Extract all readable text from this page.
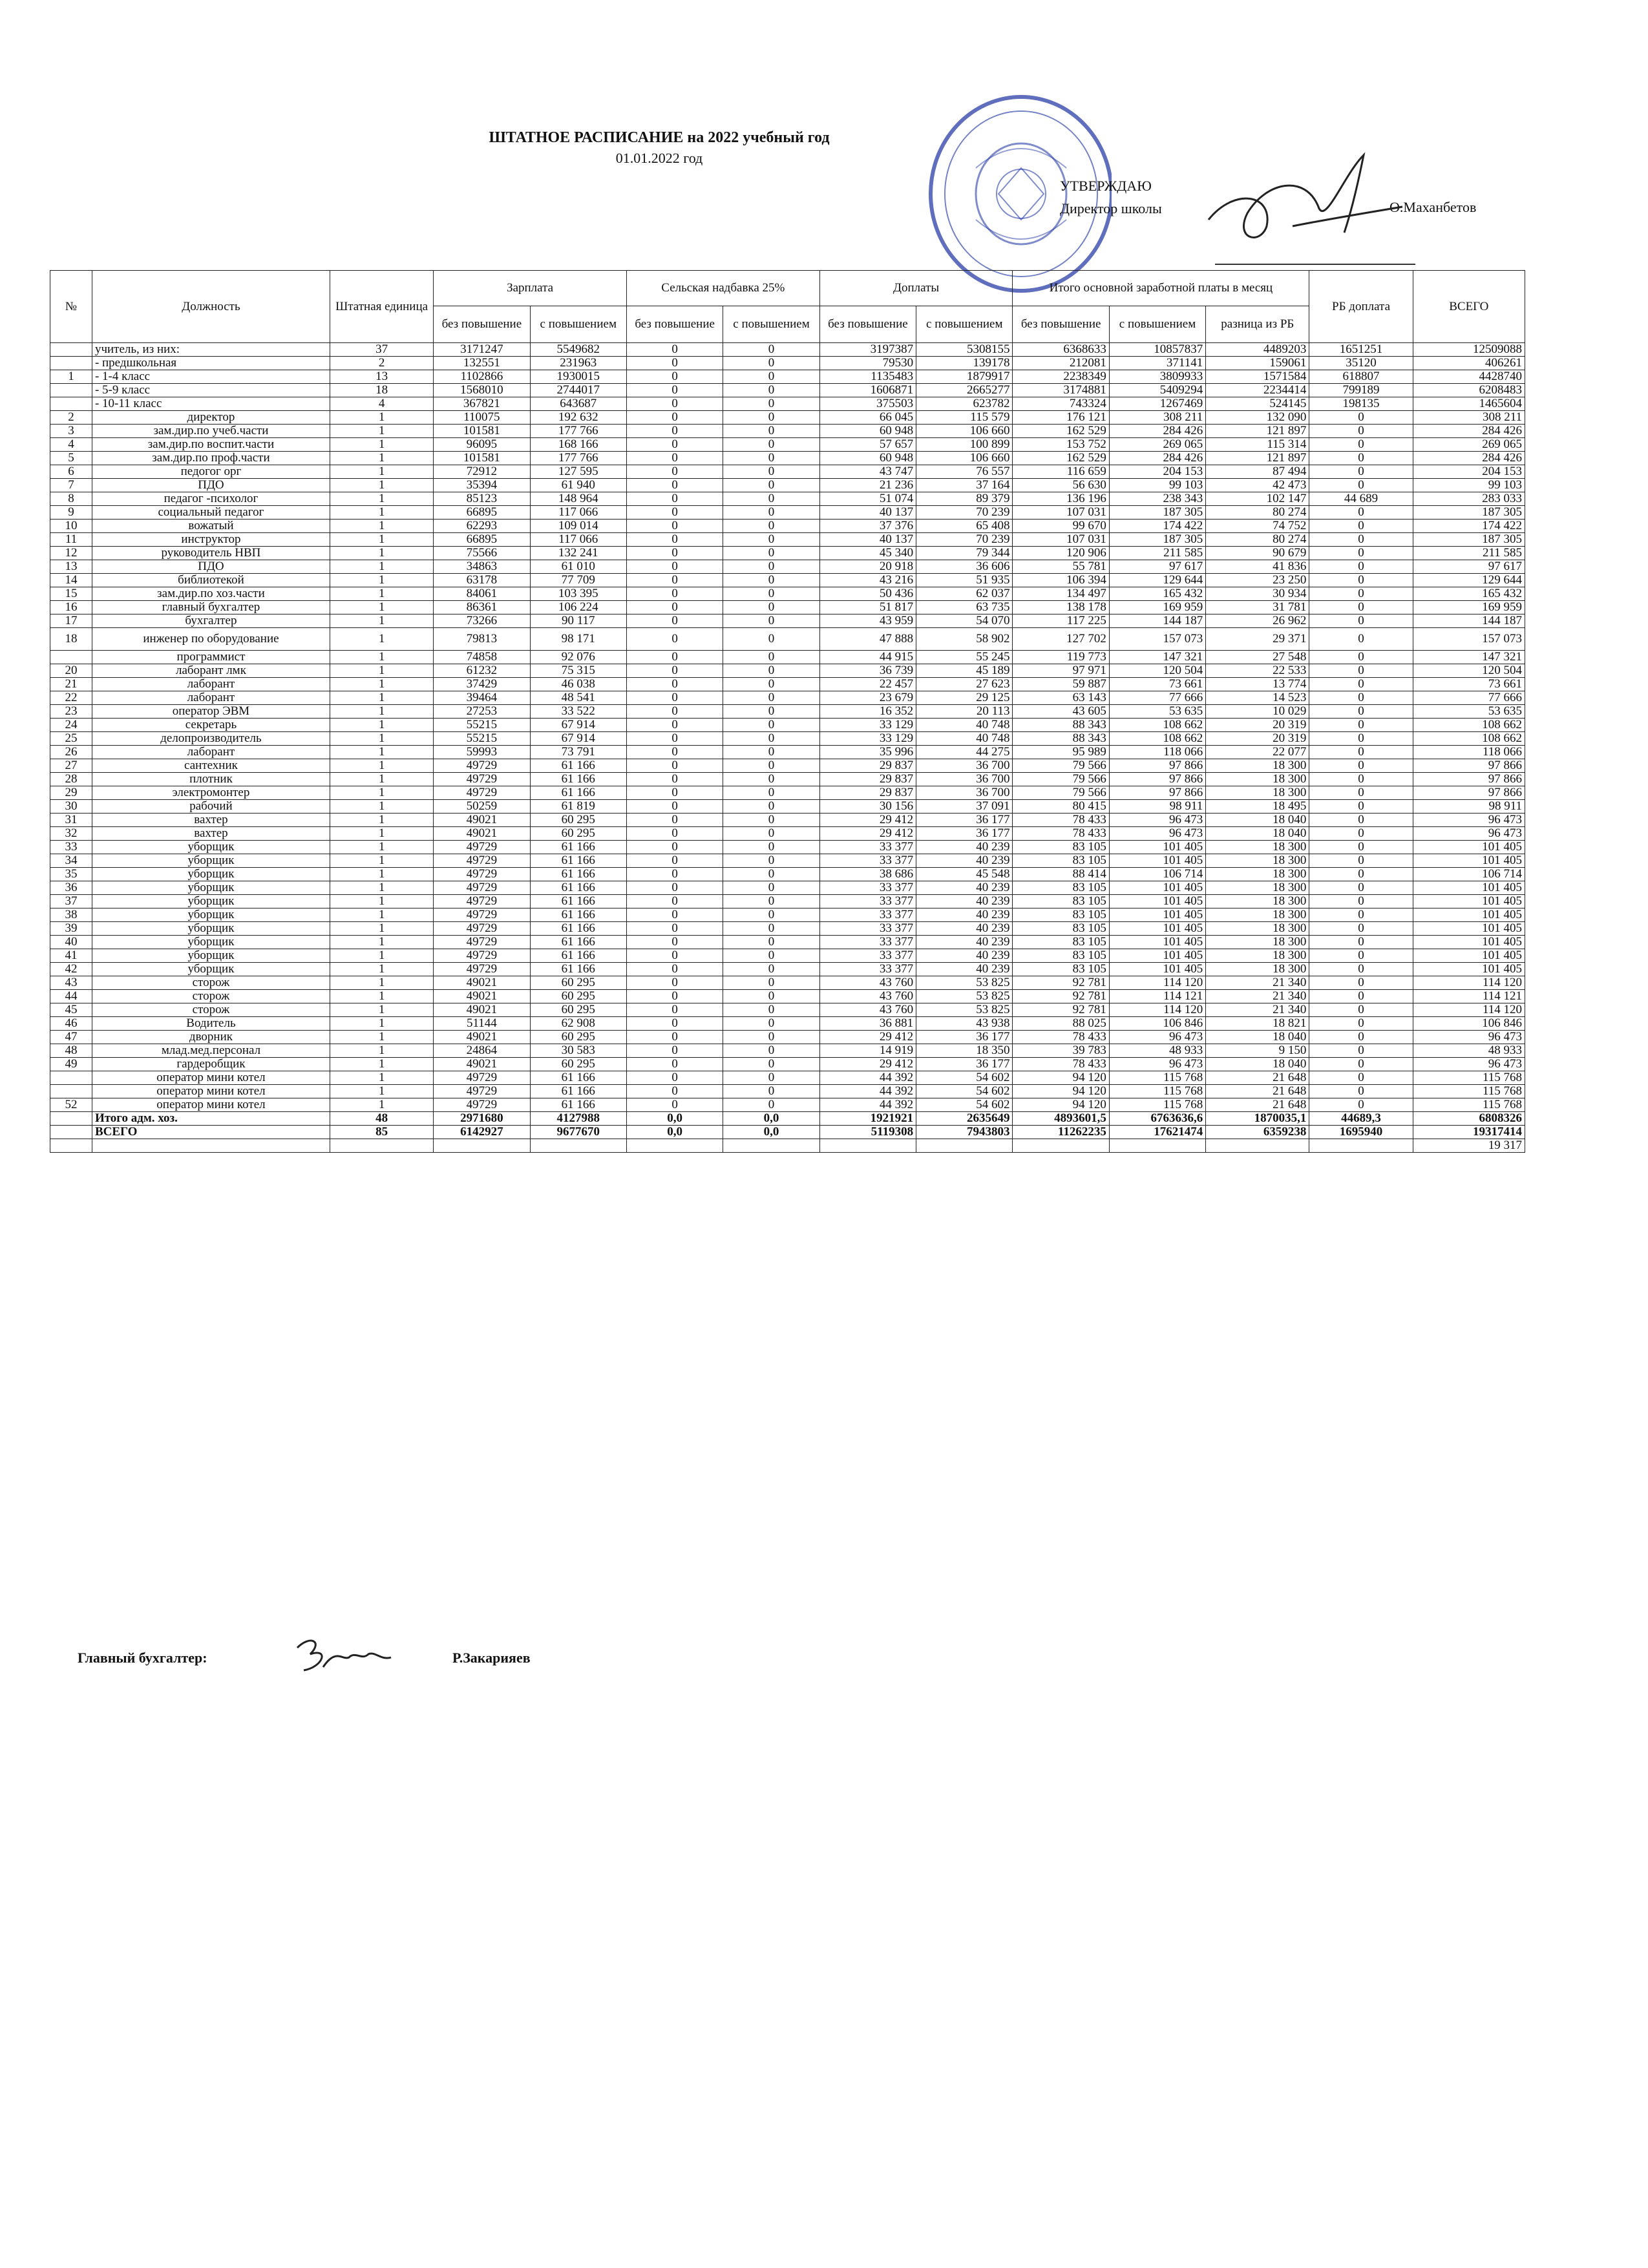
ШТАТНОЕ РАСПИСАНИЕ на 2022 учебный год
01.01.2022 год
УТВЕРЖДАЮ
Директор школы	О.Маханбетов
№	Должность	Штатная единица	Зарплата		Сельская надбавка 25%		Доплаты		Итого основной заработной платы в месяц			РБ доплата	ВСЕГО
			без повышение	с повышением	без повышение	с повышением	без повышение	с повышением	без повышение	с повышением	разница из РБ		
	учитель, из них:	37	3171247	5549682	0	0	3197387	5308155	6368633	10857837	4489203	1651251	12509088
	- предшкольная	2	132551	231963	0	0	79530	139178	212081	371141	159061	35120	406261
1	- 1-4 класс	13	1102866	1930015	0	0	1135483	1879917	2238349	3809933	1571584	618807	4428740
	- 5-9 класс	18	1568010	2744017	0	0	1606871	2665277	3174881	5409294	2234414	799189	6208483
	- 10-11 класс	4	367821	643687	0	0	375503	623782	743324	1267469	524145	198135	1465604
2	директор	1	110075	192 632	0	0	66 045	115 579	176 121	308 211	132 090	0	308 211
3	зам.дир.по учеб.части	1	101581	177 766	0	0	60 948	106 660	162 529	284 426	121 897	0	284 426
4	зам.дир.по воспит.части	1	96095	168 166	0	0	57 657	100 899	153 752	269 065	115 314	0	269 065
5	зам.дир.по проф.части	1	101581	177 766	0	0	60 948	106 660	162 529	284 426	121 897	0	284 426
6	педогог орг	1	72912	127 595	0	0	43 747	76 557	116 659	204 153	87 494	0	204 153
7	ПДО	1	35394	61 940	0	0	21 236	37 164	56 630	99 103	42 473	0	99 103
8	педагог -психолог	1	85123	148 964	0	0	51 074	89 379	136 196	238 343	102 147	44 689	283 033
9	социальный педагог	1	66895	117 066	0	0	40 137	70 239	107 031	187 305	80 274	0	187 305
10	вожатый	1	62293	109 014	0	0	37 376	65 408	99 670	174 422	74 752	0	174 422
11	инструктор	1	66895	117 066	0	0	40 137	70 239	107 031	187 305	80 274	0	187 305
12	руководитель НВП	1	75566	132 241	0	0	45 340	79 344	120 906	211 585	90 679	0	211 585
13	ПДО	1	34863	61 010	0	0	20 918	36 606	55 781	97 617	41 836	0	97 617
14	библиотекой	1	63178	77 709	0	0	43 216	51 935	106 394	129 644	23 250	0	129 644
15	зам.дир.по хоз.части	1	84061	103 395	0	0	50 436	62 037	134 497	165 432	30 934	0	165 432
16	главный бухгалтер	1	86361	106 224	0	0	51 817	63 735	138 178	169 959	31 781	0	169 959
17	бухгалтер	1	73266	90 117	0	0	43 959	54 070	117 225	144 187	26 962	0	144 187
18	инженер по оборудование	1	79813	98 171	0	0	47 888	58 902	127 702	157 073	29 371	0	157 073
	программист	1	74858	92 076	0	0	44 915	55 245	119 773	147 321	27 548	0	147 321
20	лаборант лмк	1	61232	75 315	0	0	36 739	45 189	97 971	120 504	22 533	0	120 504
21	лаборант	1	37429	46 038	0	0	22 457	27 623	59 887	73 661	13 774	0	73 661
22	лаборант	1	39464	48 541	0	0	23 679	29 125	63 143	77 666	14 523	0	77 666
23	оператор ЭВМ	1	27253	33 522	0	0	16 352	20 113	43 605	53 635	10 029	0	53 635
24	секретарь	1	55215	67 914	0	0	33 129	40 748	88 343	108 662	20 319	0	108 662
25	делопроизводитель	1	55215	67 914	0	0	33 129	40 748	88 343	108 662	20 319	0	108 662
26	лаборант	1	59993	73 791	0	0	35 996	44 275	95 989	118 066	22 077	0	118 066
27	сантехник	1	49729	61 166	0	0	29 837	36 700	79 566	97 866	18 300	0	97 866
28	плотник	1	49729	61 166	0	0	29 837	36 700	79 566	97 866	18 300	0	97 866
29	электромонтер	1	49729	61 166	0	0	29 837	36 700	79 566	97 866	18 300	0	97 866
30	рабочий	1	50259	61 819	0	0	30 156	37 091	80 415	98 911	18 495	0	98 911
31	вахтер	1	49021	60 295	0	0	29 412	36 177	78 433	96 473	18 040	0	96 473
32	вахтер	1	49021	60 295	0	0	29 412	36 177	78 433	96 473	18 040	0	96 473
33	уборщик	1	49729	61 166	0	0	33 377	40 239	83 105	101 405	18 300	0	101 405
34	уборщик	1	49729	61 166	0	0	33 377	40 239	83 105	101 405	18 300	0	101 405
35	уборщик	1	49729	61 166	0	0	38 686	45 548	88 414	106 714	18 300	0	106 714
36	уборщик	1	49729	61 166	0	0	33 377	40 239	83 105	101 405	18 300	0	101 405
37	уборщик	1	49729	61 166	0	0	33 377	40 239	83 105	101 405	18 300	0	101 405
38	уборщик	1	49729	61 166	0	0	33 377	40 239	83 105	101 405	18 300	0	101 405
39	уборщик	1	49729	61 166	0	0	33 377	40 239	83 105	101 405	18 300	0	101 405
40	уборщик	1	49729	61 166	0	0	33 377	40 239	83 105	101 405	18 300	0	101 405
41	уборщик	1	49729	61 166	0	0	33 377	40 239	83 105	101 405	18 300	0	101 405
42	уборщик	1	49729	61 166	0	0	33 377	40 239	83 105	101 405	18 300	0	101 405
43	сторож	1	49021	60 295	0	0	43 760	53 825	92 781	114 120	21 340	0	114 120
44	сторож	1	49021	60 295	0	0	43 760	53 825	92 781	114 121	21 340	0	114 121
45	сторож	1	49021	60 295	0	0	43 760	53 825	92 781	114 120	21 340	0	114 120
46	Водитель	1	51144	62 908	0	0	36 881	43 938	88 025	106 846	18 821	0	106 846
47	дворник	1	49021	60 295	0	0	29 412	36 177	78 433	96 473	18 040	0	96 473
48	млад.мед.персонал	1	24864	30 583	0	0	14 919	18 350	39 783	48 933	9 150	0	48 933
49	гардеробщик	1	49021	60 295	0	0	29 412	36 177	78 433	96 473	18 040	0	96 473
	оператор мини котел	1	49729	61 166	0	0	44 392	54 602	94 120	115 768	21 648	0	115 768
	оператор мини котел	1	49729	61 166	0	0	44 392	54 602	94 120	115 768	21 648	0	115 768
52	оператор мини котел	1	49729	61 166	0	0	44 392	54 602	94 120	115 768	21 648	0	115 768
	Итого адм. хоз.	48	2971680	4127988	0,0	0,0	1921921	2635649	4893601,5	6763636,6	1870035,1	44689,3	6808326
	ВСЕГО	85	6142927	9677670	0,0	0,0	5119308	7943803	11262235	17621474	6359238	1695940	19317414
													19 317
Главный бухгалтер:	Р.Закарияев
